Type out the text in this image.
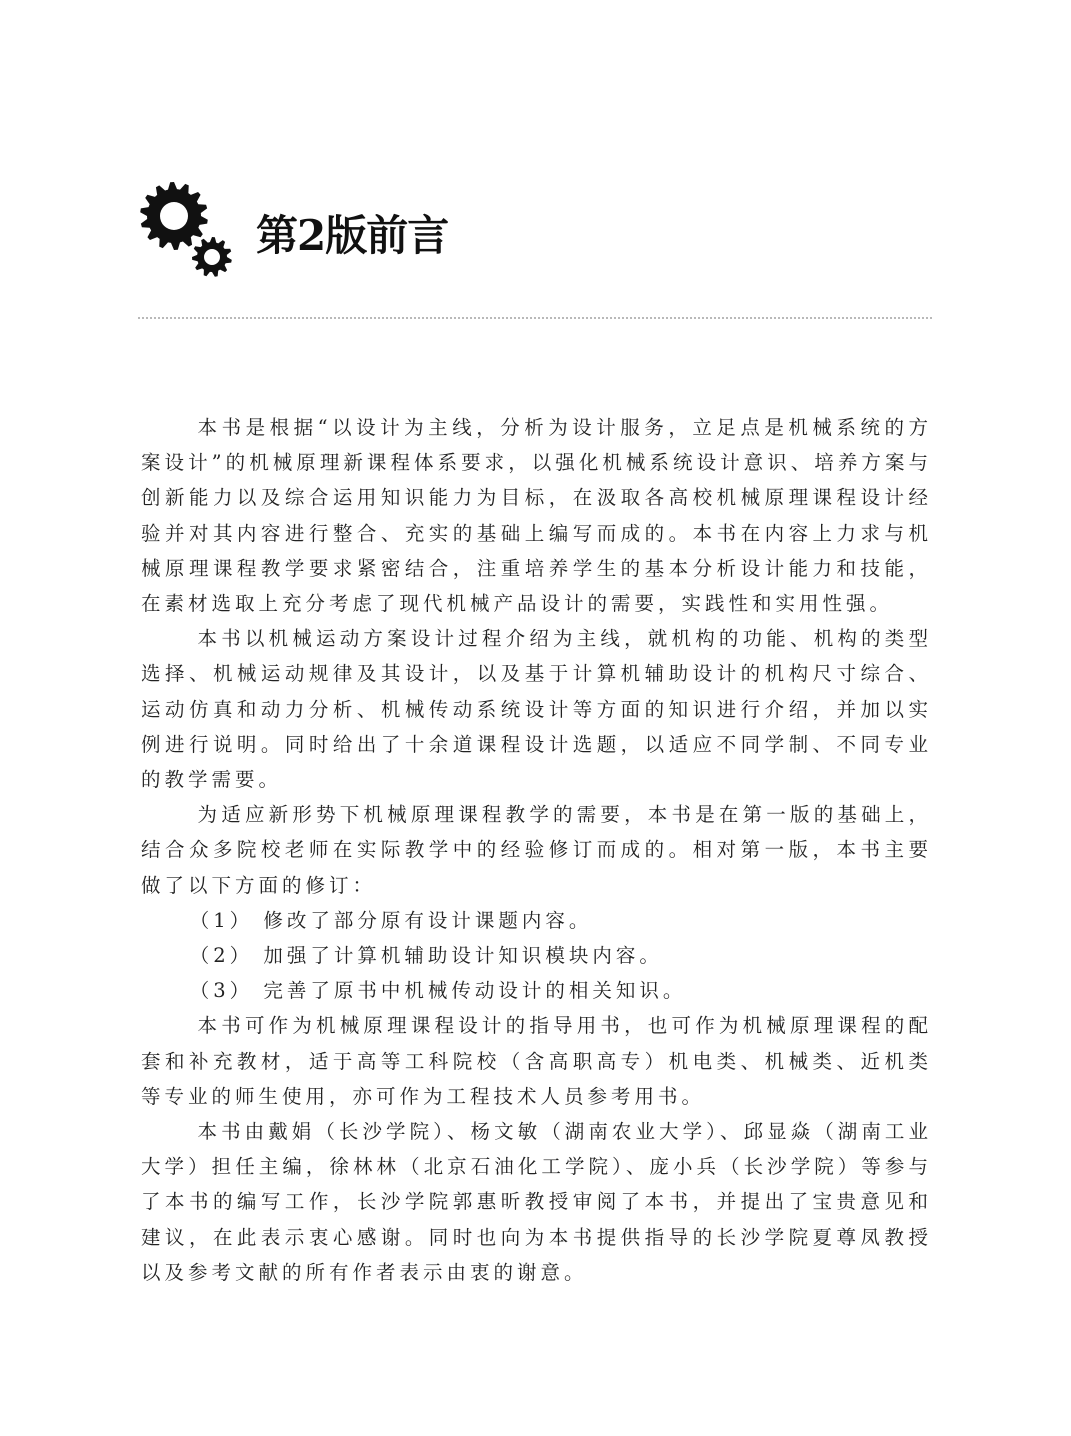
第2版前言

本书是根据“以设计为主线，分析为设计服务，立足点是机械系统的方案设计”的机械原理新课程体系要求，以强化机械系统设计意识、培养方案与创新能力以及综合运用知识能力为目标，在汲取各高校机械原理课程设计经验并对其内容进行整合、充实的基础上编写而成的。本书在内容上力求与机械原理课程教学要求紧密结合，注重培养学生的基本分析设计能力和技能，在素材选取上充分考虑了现代机械产品设计的需要，实践性和实用性强。

本书以机械运动方案设计过程介绍为主线，就机构的功能、机构的类型选择、机械运动规律及其设计，以及基于计算机辅助设计的机构尺寸综合、运动仿真和动力分析、机械传动系统设计等方面的知识进行介绍，并加以实例进行说明。同时给出了十余道课程设计选题，以适应不同学制、不同专业的教学需要。

为适应新形势下机械原理课程教学的需要，本书是在第一版的基础上，结合众多院校老师在实际教学中的经验修订而成的。相对第一版，本书主要做了以下方面的修订：

（1） 修改了部分原有设计课题内容。

（2） 加强了计算机辅助设计知识模块内容。

（3） 完善了原书中机械传动设计的相关知识。

本书可作为机械原理课程设计的指导用书，也可作为机械原理课程的配套和补充教材，适于高等工科院校（含高职高专）机电类、机械类、近机类等专业的师生使用，亦可作为工程技术人员参考用书。

本书由戴娟（长沙学院）、杨文敏（湖南农业大学）、邱显焱（湖南工业大学）担任主编，徐林林（北京石油化工学院）、庞小兵（长沙学院）等参与了本书的编写工作，长沙学院郭惠昕教授审阅了本书，并提出了宝贵意见和建议，在此表示衷心感谢。同时也向为本书提供指导的长沙学院夏尊凤教授以及参考文献的所有作者表示由衷的谢意。
